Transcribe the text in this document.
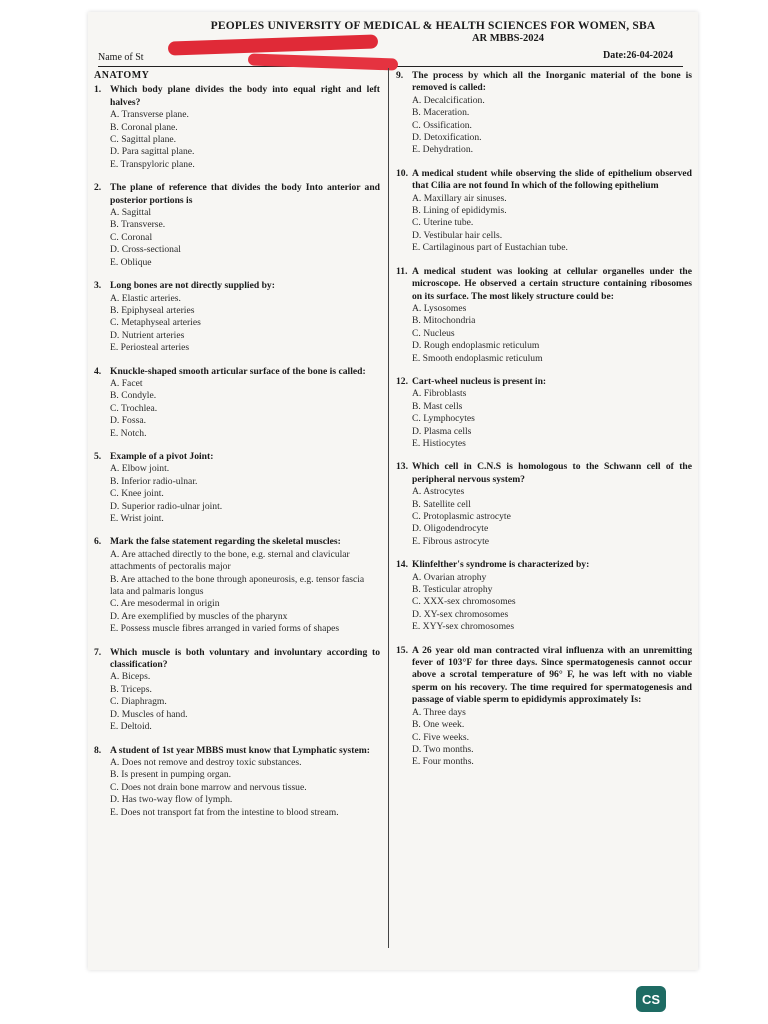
PEOPLES UNIVERSITY OF MEDICAL & HEALTH SCIENCES FOR WOMEN, SBA
AR MBBS-2024
Name of St	Date:26-04-2024
ANATOMY
1. Which body plane divides the body into equal right and left halves?
A. Transverse plane.
B. Coronal plane.
C. Sagittal plane.
D. Para sagittal plane.
E. Transpyloric plane.
2. The plane of reference that divides the body Into anterior and posterior portions is
A. Sagittal
B. Transverse.
C. Coronal
D. Cross-sectional
E. Oblique
3. Long bones are not directly supplied by:
A. Elastic arteries.
B. Epiphyseal arteries
C. Metaphyseal arteries
D. Nutrient arteries
E. Periosteal arteries
4. Knuckle-shaped smooth articular surface of the bone is called:
A. Facet
B. Condyle.
C. Trochlea.
D. Fossa.
E. Notch.
5. Example of a pivot Joint:
A. Elbow joint.
B. Inferior radio-ulnar.
C. Knee joint.
D. Superior radio-ulnar joint.
E. Wrist joint.
6. Mark the false statement regarding the skeletal muscles:
A. Are attached directly to the bone, e.g. sternal and clavicular attachments of pectoralis major
B. Are attached to the bone through aponeurosis, e.g. tensor fascia lata and palmaris longus
C. Are mesodermal in origin
D. Are exemplified by muscles of the pharynx
E. Possess muscle fibres arranged in varied forms of shapes
7. Which muscle is both voluntary and involuntary according to classification?
A. Biceps.
B. Triceps.
C. Diaphragm.
D. Muscles of hand.
E. Deltoid.
8. A student of 1st year MBBS must know that Lymphatic system:
A. Does not remove and destroy toxic substances.
B. Is present in pumping organ.
C. Does not drain bone marrow and nervous tissue.
D. Has two-way flow of lymph.
E. Does not transport fat from the intestine to blood stream.
9. The process by which all the Inorganic material of the bone is removed is called:
A. Decalcification.
B. Maceration.
C. Ossification.
D. Detoxification.
E. Dehydration.
10. A medical student while observing the slide of epithelium observed that Cilia are not found In which of the following epithelium
A. Maxillary air sinuses.
B. Lining of epididymis.
C. Uterine tube.
D. Vestibular hair cells.
E. Cartilaginous part of Eustachian tube.
11. A medical student was looking at cellular organelles under the microscope. He observed a certain structure containing ribosomes on its surface. The most likely structure could be:
A. Lysosomes
B. Mitochondria
C. Nucleus
D. Rough endoplasmic reticulum
E. Smooth endoplasmic reticulum
12. Cart-wheel nucleus is present in:
A. Fibroblasts
B. Mast cells
C. Lymphocytes
D. Plasma cells
E. Histiocytes
13. Which cell in C.N.S is homologous to the Schwann cell of the peripheral nervous system?
A. Astrocytes
B. Satellite cell
C. Protoplasmic astrocyte
D. Oligodendrocyte
E. Fibrous astrocyte
14. Klinfelther's syndrome is characterized by:
A. Ovarian atrophy
B. Testicular atrophy
C. XXX-sex chromosomes
D. XY-sex chromosomes
E. XYY-sex chromosomes
15. A 26 year old man contracted viral influenza with an unremitting fever of 103°F for three days. Since spermatogenesis cannot occur above a scrotal temperature of 96° F, he was left with no viable sperm on his recovery. The time required for spermatogenesis and passage of viable sperm to epididymis approximately Is:
A. Three days
B. One week.
C. Five weeks.
D. Two months.
E. Four months.
CS
